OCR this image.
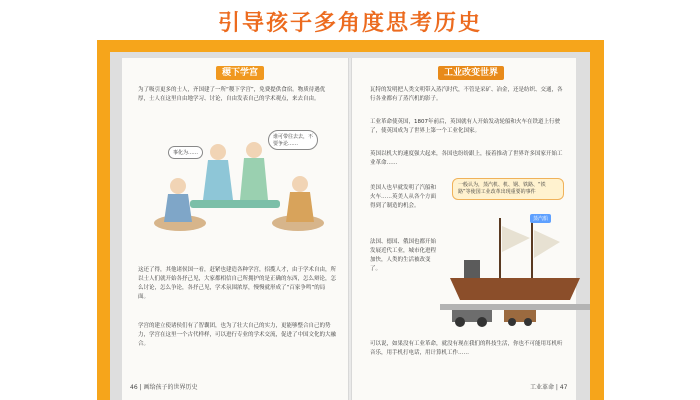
引导孩子多角度思考历史
稷下学宫
为了吸引更多的士人，齐国建了一所“稷下学宫”，免费提供食宿。物质待遇优厚，士人在这里自由地学习、讨论，自由发表自己的学术观点，来去自由。
事化为……
谁可带往去去，不要争论……
这还了得，其他诸侯国一看，赶紧也建造各种学宫，招揽人才，由于学术自由，所以士人们就开始各抒己见，大家都相信自己所拥护的是正确的东西，怎么辩论，怎么讨论，怎么争论，各抒己见，学术氛围浓厚，慢慢就形成了“百家争鸣”的局面。
学宫的建立使诸侯们有了智囊团，也为了壮大自己的实力，更能够整合自己的势力，学宫在这里一个古代样样，可以进行专业的学术交流，促进了中国文化的大融合。
46 | 画给孩子的世界历史
工业改变世界
瓦特的发明把人类文明带入蒸汽时代，不管是采矿、冶金，还是纺织、交通，各行各业都有了蒸汽机的影子。
工业革命使英国，1807年前后，英国就有人开始发动轮船和火车在铁道上行驶了，使英国成为了世界上第一个工业化国家。
英国以机大的速度强大起来，各国也纷纷跟上，接着推动了世界许多国家开始工业革命……
美国人也早就发明了汽船和火车……英美人从各个方面得到了制造的机会。
法国、德国、俄国也都开始发展近代工业，城市化进程加快，人类的生活被改变了。
一般认为，蒸汽机、机、钢、铁路、“铁路”等使国工业改革出现重要的事件
蒸汽船
可以说，如果没有工业革命，就没有现在我们的科技生活，你也不可能用耳机听音乐，用手机打电话，用计算机工作……
工业革命 | 47
